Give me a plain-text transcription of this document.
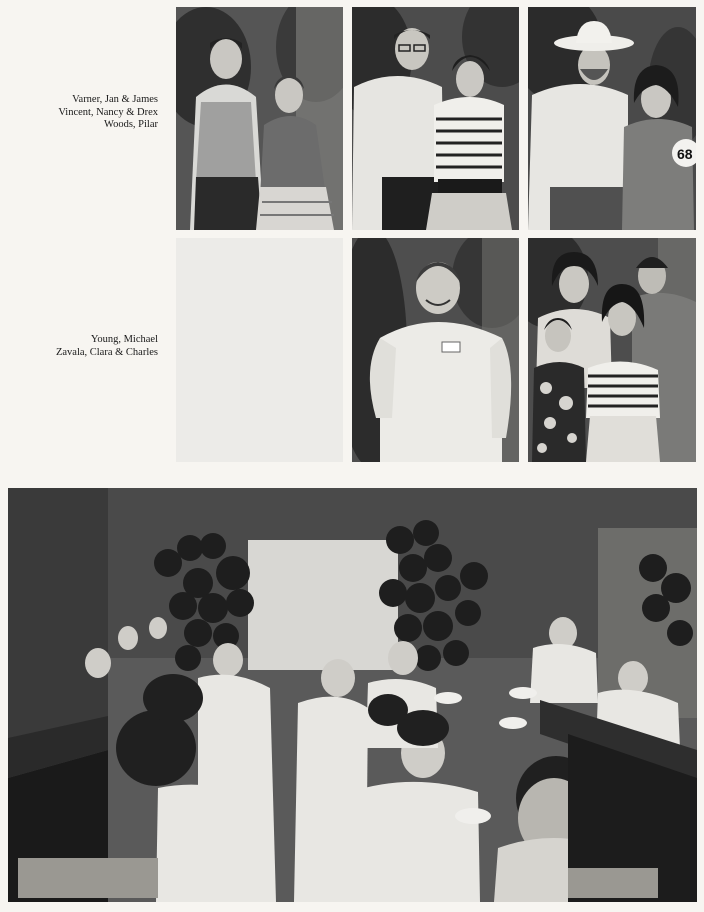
Varner, Jan & James
Vincent, Nancy & Drex
Woods, Pilar
Young, Michael
Zavala, Clara & Charles
68
